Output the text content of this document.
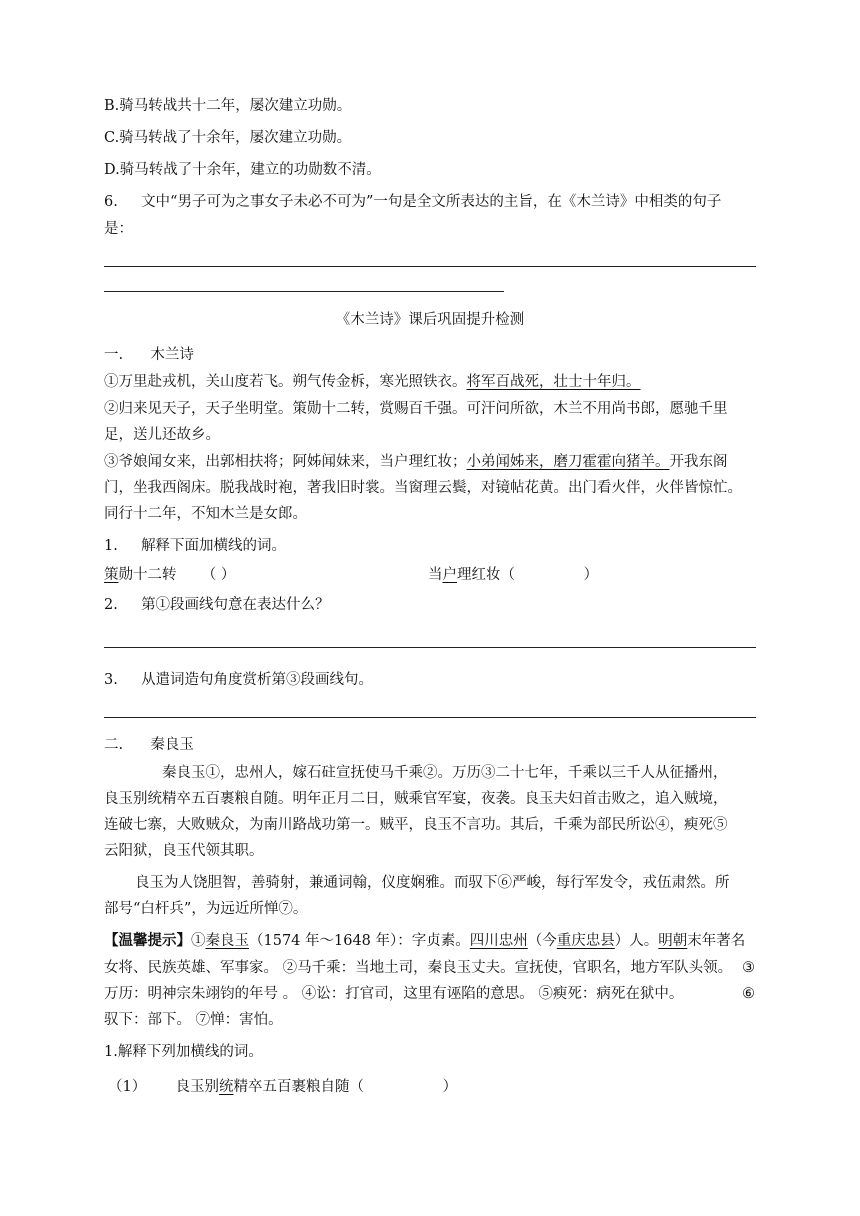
B.骑马转战共十二年，屡次建立功勋。
C.骑马转战了十余年，屡次建立功勋。
D.骑马转战了十余年，建立的功勋数不清。
6. 文中“男子可为之事女子未必不可为”一句是全文所表达的主旨，在《木兰诗》中相类的句子
是：
《木兰诗》课后巩固提升检测
一. 木兰诗
①万里赴戎机，关山度若飞。朔气传金柝，寒光照铁衣。将军百战死，壮士十年归。
②归来见天子，天子坐明堂。策勋十二转，赏赐百千强。可汗问所欲，木兰不用尚书郎，愿驰千里
足，送儿还故乡。
③爷娘闻女来，出郭相扶将；阿姊闻妹来，当户理红妆；小弟闻姊来，磨刀霍霍向猪羊。开我东阁
门，坐我西阁床。脱我战时袍，著我旧时裳。当窗理云鬓，对镜帖花黄。出门看火伴，火伴皆惊忙。
同行十二年，不知木兰是女郎。
1. 解释下面加横线的词。
策勋十二转 （ ）	当户理红妆（	）
2. 第①段画线句意在表达什么？
3. 从遣词造句角度赏析第③段画线句。
二. 秦良玉
秦良玉①，忠州人，嫁石砫宣抚使马千乘②。万历③二十七年，千乘以三千人从征播州，
良玉别统精卒五百裹粮自随。明年正月二日，贼乘官军宴，夜袭。良玉夫妇首击败之，追入贼境，
连破七寨，大败贼众，为南川路战功第一。贼平，良玉不言功。其后，千乘为部民所讼④，瘐死⑤
云阳狱，良玉代领其职。
良玉为人饶胆智，善骑射，兼通词翰，仪度娴雅。而驭下⑥严峻，每行军发令，戎伍肃然。所
部号“白杆兵”，为远近所惮⑦。
【温馨提示】①秦良玉（1574 年～1648 年）：字贞素。四川忠州（今重庆忠县）人。明朝末年著名
女将、民族英雄、军事家。 ②马千乘：当地土司，秦良玉丈夫。宣抚使，官职名，地方军队头领。 ③
万历：明神宗朱翊钧的年号 。 ④讼：打官司，这里有诬陷的意思。 ⑤瘐死：病死在狱中。	⑥
驭下：部下。 ⑦惮：害怕。
1.解释下列加横线的词。
（1） 良玉别统精卒五百裹粮自随（	）
